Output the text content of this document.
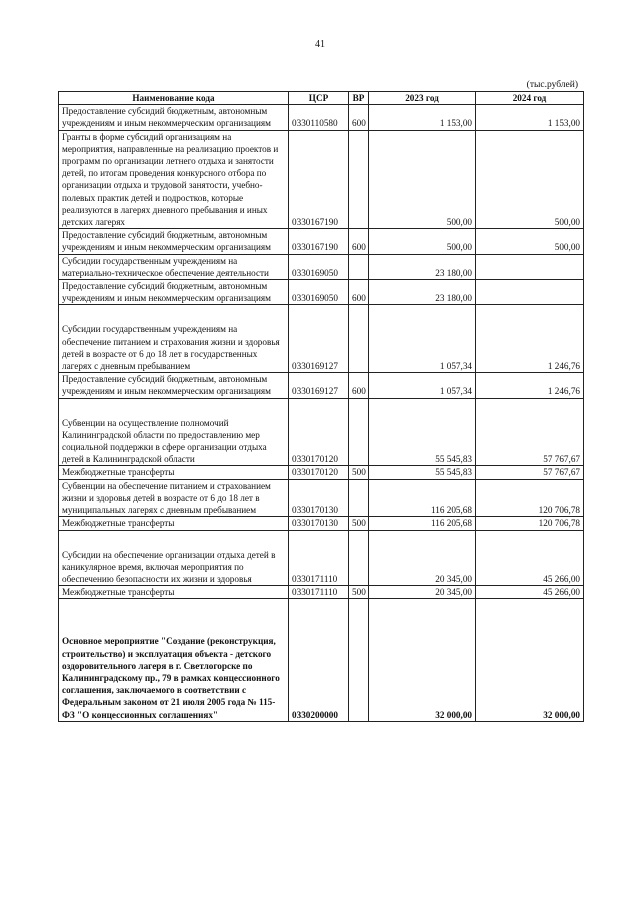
41
(тыс.рублей)
Наименование кода	ЦСР	ВР	2023 год	2024 год
Предоставление субсидий бюджетным, автономным учреждениям и иным некоммерческим организациям	0330110580	600	1 153,00	1 153,00
Гранты в форме субсидий организациям на мероприятия, направленные на реализацию проектов и программ по организации летнего отдыха и занятости детей, по итогам проведения конкурсного отбора по организации отдыха и трудовой занятости, учебно-полевых практик детей и подростков, которые реализуются в лагерях дневного пребывания и иных детских лагерях	0330167190		500,00	500,00
Предоставление субсидий бюджетным, автономным учреждениям и иным некоммерческим организациям	0330167190	600	500,00	500,00
Субсидии государственным учреждениям на материально-техническое обеспечение деятельности	0330169050		23 180,00	
Предоставление субсидий бюджетным, автономным учреждениям и иным некоммерческим организациям	0330169050	600	23 180,00	

Субсидии государственным учреждениям на обеспечение питанием и страхования жизни и здоровья детей в возрасте от 6 до 18 лет в государственных лагерях с дневным пребыванием	0330169127		1 057,34	1 246,76
Предоставление субсидий бюджетным, автономным учреждениям и иным некоммерческим организациям	0330169127	600	1 057,34	1 246,76

Субвенции на осуществление полномочий Калининградской области по предоставлению мер социальной поддержки в сфере организации отдыха детей в Калининградской области	0330170120		55 545,83	57 767,67
Межбюджетные трансферты	0330170120	500	55 545,83	57 767,67
Субвенции на обеспечение питанием и страхованием жизни и здоровья детей в возрасте от 6 до 18 лет в муниципальных лагерях с дневным пребыванием	0330170130		116 205,68	120 706,78
Межбюджетные трансферты	0330170130	500	116 205,68	120 706,78

Субсидии на обеспечение организации отдыха детей в каникулярное время, включая мероприятия по обеспечению безопасности их жизни и здоровья	0330171110		20 345,00	45 266,00
Межбюджетные трансферты	0330171110	500	20 345,00	45 266,00

Основное мероприятие "Создание (реконструкция, строительство) и эксплуатация объекта - детского оздоровительного лагеря в г. Светлогорске по Калининградскому пр., 79 в рамках концессионного соглашения, заключаемого в соответствии с Федеральным законом от 21 июля 2005 года № 115-ФЗ "О концессионных соглашениях"	0330200000		32 000,00	32 000,00
